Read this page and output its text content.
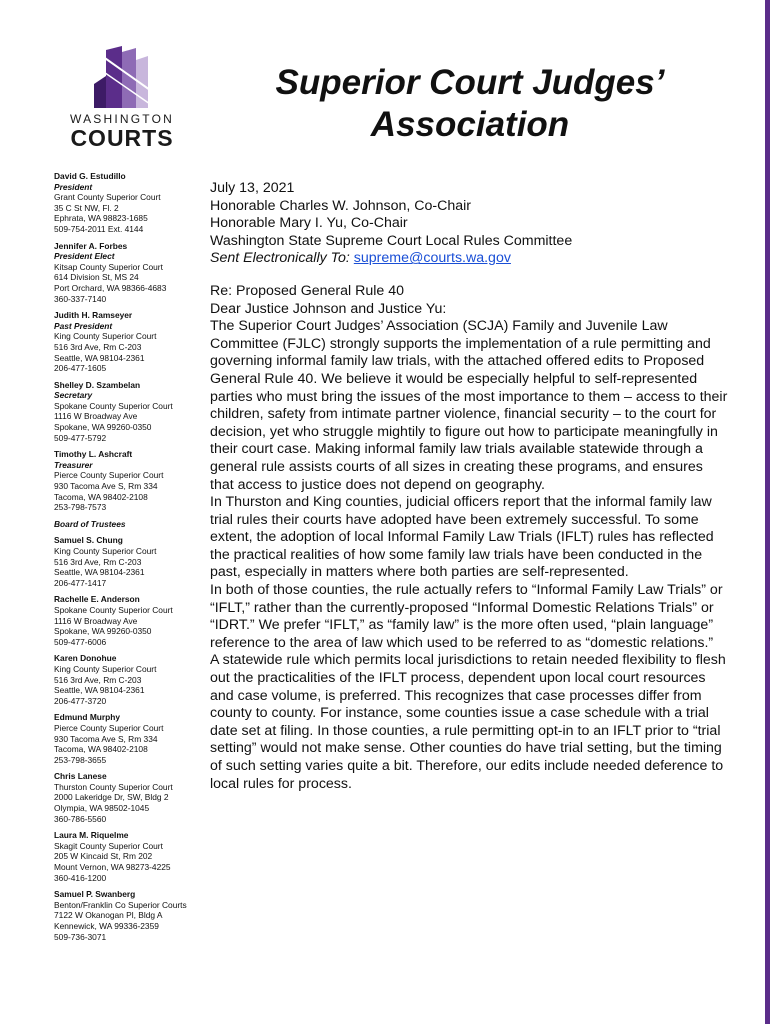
WASHINGTON
COURTS
Superior Court Judges’ Association
David G. Estudillo
President
Grant County Superior Court
35 C St NW, Fl. 2
Ephrata, WA 98823-1685
509-754-2011 Ext. 4144
Jennifer A. Forbes
President Elect
Kitsap County Superior Court
614 Division St, MS 24
Port Orchard, WA 98366-4683
360-337-7140
Judith H. Ramseyer
Past President
King County Superior Court
516 3rd Ave, Rm C-203
Seattle, WA 98104-2361
206-477-1605
Shelley D. Szambelan
Secretary
Spokane County Superior Court
1116 W Broadway Ave
Spokane, WA 99260-0350
509-477-5792
Timothy L. Ashcraft
Treasurer
Pierce County Superior Court
930 Tacoma Ave S, Rm 334
Tacoma, WA 98402-2108
253-798-7573
Board of Trustees
Samuel S. Chung
King County Superior Court
516 3rd Ave, Rm C-203
Seattle, WA 98104-2361
206-477-1417
Rachelle E. Anderson
Spokane County Superior Court
1116 W Broadway Ave
Spokane, WA 99260-0350
509-477-6006
Karen Donohue
King County Superior Court
516 3rd Ave, Rm C-203
Seattle, WA 98104-2361
206-477-3720
Edmund Murphy
Pierce County Superior Court
930 Tacoma Ave S, Rm 334
Tacoma, WA 98402-2108
253-798-3655
Chris Lanese
Thurston County Superior Court
2000 Lakeridge Dr, SW, Bldg 2
Olympia, WA 98502-1045
360-786-5560
Laura M. Riquelme
Skagit County Superior Court
205 W Kincaid St, Rm 202
Mount Vernon, WA 98273-4225
360-416-1200
Samuel P. Swanberg
Benton/Franklin Co Superior Courts
7122 W Okanogan Pl, Bldg A
Kennewick, WA 99336-2359
509-736-3071

July 13, 2021

Honorable Charles W. Johnson, Co-Chair

Honorable Mary I. Yu, Co-Chair

Washington State Supreme Court Local Rules Committee

Sent Electronically To: supreme@courts.wa.gov

Re: Proposed General Rule 40

Dear Justice Johnson and Justice Yu:

The Superior Court Judges’ Association (SCJA) Family and Juvenile Law Committee (FJLC) strongly supports the implementation of a rule permitting and governing informal family law trials, with the attached offered edits to Proposed General Rule 40. We believe it would be especially helpful to self-represented parties who must bring the issues of the most importance to them – access to their children, safety from intimate partner violence, financial security – to the court for decision, yet who struggle mightily to figure out how to participate meaningfully in their court case. Making informal family law trials available statewide through a general rule assists courts of all sizes in creating these programs, and ensures that access to justice does not depend on geography.

In Thurston and King counties, judicial officers report that the informal family law trial rules their courts have adopted have been extremely successful. To some extent, the adoption of local Informal Family Law Trials (IFLT) rules has reflected the practical realities of how some family law trials have been conducted in the past, especially in matters where both parties are self-represented.

In both of those counties, the rule actually refers to “Informal Family Law Trials” or “IFLT,” rather than the currently-proposed “Informal Domestic Relations Trials” or “IDRT.” We prefer “IFLT,” as “family law” is the more often used, “plain language” reference to the area of law which used to be referred to as “domestic relations.”

A statewide rule which permits local jurisdictions to retain needed flexibility to flesh out the practicalities of the IFLT process, dependent upon local court resources and case volume, is preferred. This recognizes that case processes differ from county to county. For instance, some counties issue a case schedule with a trial date set at filing. In those counties, a rule permitting opt-in to an IFLT prior to “trial setting” would not make sense. Other counties do have trial setting, but the timing of such setting varies quite a bit. Therefore, our edits include needed deference to local rules for process.
